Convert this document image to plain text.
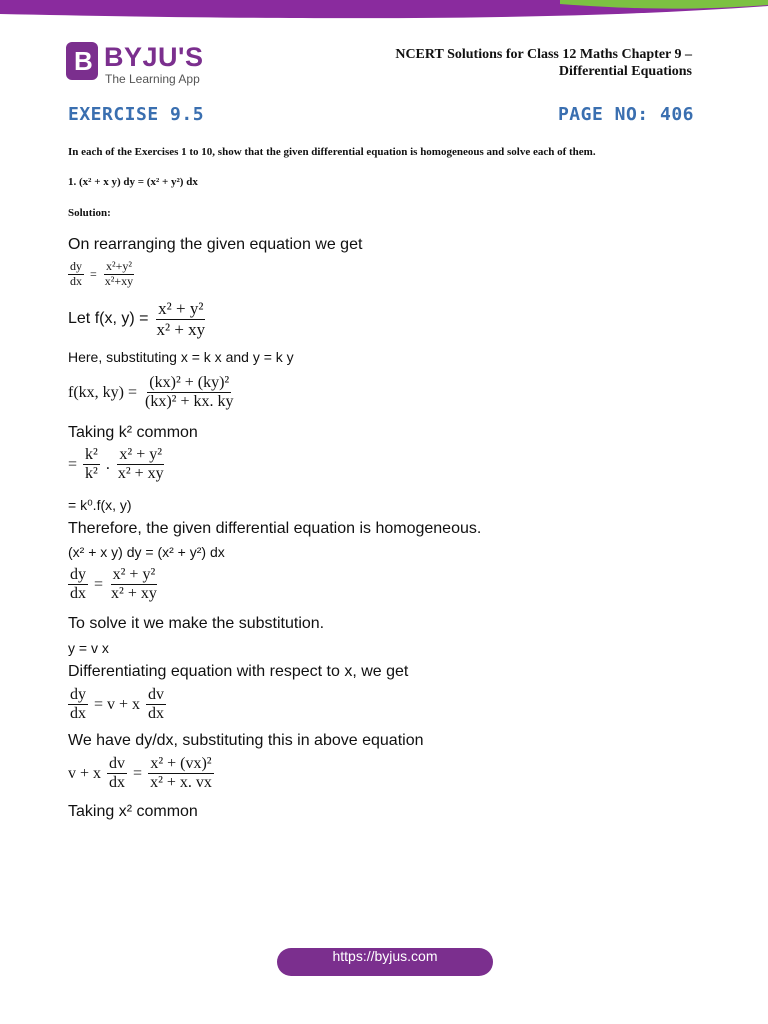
B BYJU'S
The Learning App
NCERT Solutions for Class 12 Maths Chapter 9 –
Differential Equations
EXERCISE 9.5	PAGE NO: 406
In each of the Exercises 1 to 10, show that the given differential equation is homogeneous and solve each of them.
1. (x² + x y) dy = (x² + y²) dx
Solution:
On rearranging the given equation we get
$\frac{dy}{dx} = \frac{\text{x²+y²}}{\text{x²+xy}}$
Let f(x, $y) = \frac{\text{x² + y²}}{\text{x² + xy}}$
Here, substituting x = k x and y = k y
f(kx, $ky) = \frac{\text{(kx)² + (ky)²}}{\text{(kx)² + kx. ky}}$
Taking k² common
= $\frac{\text{k²}}{\text{k²}}$ . $\frac{\text{x² + y²}}{\text{x² + xy}}$
= k⁰.f(x, y)
Therefore, the given differential equation is homogeneous.
(x² + x y) dy = (x² + y²) dx
$\frac{dy}{dx} = \frac{\text{x² + y²}}{\text{x² + xy}}$
To solve it we make the substitution.
y = v x
Differentiating equation with respect to x, we get
$\frac{dy}{dx} = v + x \frac{dv}{dx}$
We have dy/dx, substituting this in above equation
v + x $\frac{dv}{dx} = \frac{\text{x² + (vx)²}}{\text{x² + x. vx}}$
Taking x² common
https://byjus.com
